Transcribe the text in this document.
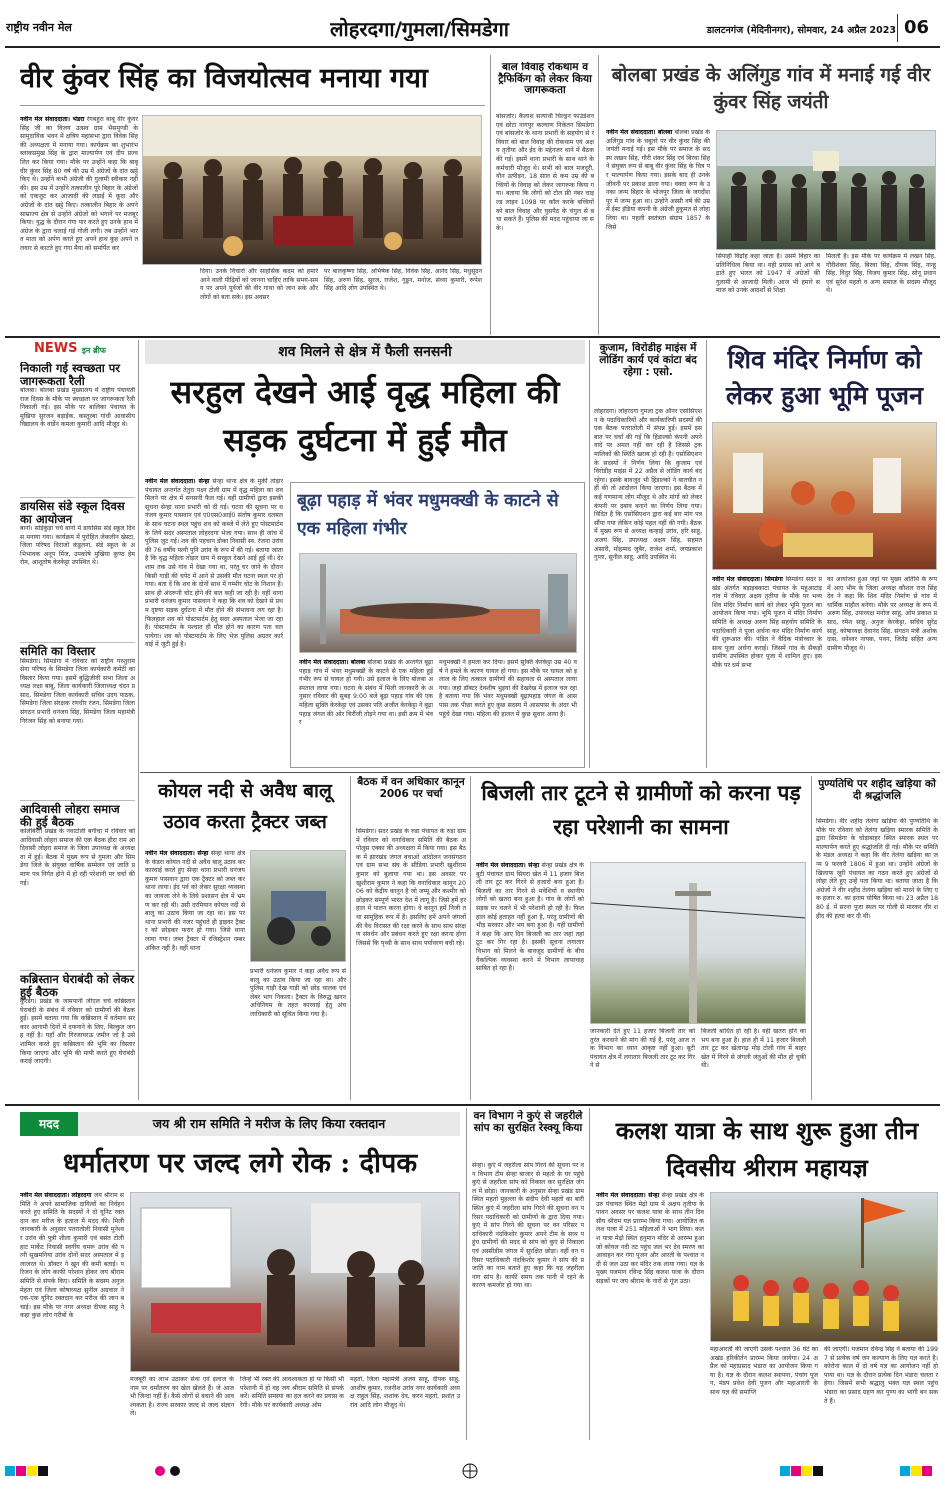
राष्ट्रीय नवीन मेल	लोहरदगा/गुमला/सिमडेगा	डालटनगंज (मेदिनीनगर), सोमवार, 24 अप्रैल 2023 06
वीर कुंवर सिंह का विजयोत्सव मनाया गया
नवीन मेल संवाददाता। भंडरा रंगबहुरा बाबू वीर कुंवर सिंह जी का विजय उत्सव ग्राम भैसमुण्डी के सामुदायिक भवन में क्षत्रिय महासभा द्वारा विवेक सिंह की अध्यक्षता में मनाया गया। कार्यक्रम का शुभारंभ ब्लाकप्रमुख सिंह के द्वारा माल्यार्पण एवं दीप प्रज्वलित कर किया गया। मौके पर उन्होंने कहा कि बाबू वीर कुंवर सिंह 80 वर्ष की उम्र में अंग्रेजों के दांत खट्टे किए थे। उन्होंने कभी अंग्रेजी की गुलामी स्वीकार नहीं की। इस उम्र में उन्होंने तत्कालीन पूरे बिहार के अंग्रेजों को एकजुट कर आजादी की लड़ाई में कूदा और अंग्रेजों के दांत खट्टे किए। तत्कालीन बिहार के अपने साम्राज्य क्षेत्र से उन्होंने अंग्रेजों को भगाने पर मजबूर किया। युद्ध के दौरान गंगा पार करते हुए उनके हाथ में अंग्रेज के द्वारा चलाई गई गोली लगी। तब उन्होंने भारत माता को अर्पण करते हुए अपने हाथ कुह अपने तलवार से काटते हुए गंगा मैया को समर्पित कर
दिया। उनके विचारों और साहसिक कदम को हमारे आने वाली पीढ़ियों को जानना चाहिए ताकि समय-समय पर अपने पूर्वजों की वीर गाथा को जान सके और लोगों को बता सके। इस अवसर
पर बालकृष्णा सिंह, अभिषेक सिंह, विवेक सिंह, आनंद सिंह, मधुसूदन सिंह, अरुण सिंह, सूरज, राजेश, गुड्डन, मनोज, संध्या कुमारी, रूपेश सिंह आदि लोग उपस्थित थे।
बाल विवाह रोकथाम व ट्रैफिकिंग को लेकर किया जागरूकता
बांसजोर। कैलाश सत्यार्थी चिल्ड्रन फाउंडेशन एवं छोटा नागपुर कल्याण निकेतन सिमडेगा एवं बांसजोर के थाना प्रभारी के सहयोग से रविवार को बाल विवाह की रोकथाम एवं अक्षय तृतीया और ईद के मद्देनजर थाने में बैठक की गई। इसमें थाना प्रभारी के साथ थाने के कर्मचारी मौजूद थे। सभी को बाल मजदूरी, यौन उत्पीड़न, 18 साल से कम उम्र की बच्चियों के विवाह को लेकर जागरूक किया गया। बताया कि लोगों को टोल फ्री नंबर चाइल्ड लाइन 1098 पर कॉल करके बच्चियों को बाल विवाह और घुसपैठ के चंगुल से बचा सकते हैं। पुलिस की मदद पहुंचाया जा सके।
बोलबा प्रखंड के अलिंगुड गांव में मनाई गई वीर कुंवर सिंह जयंती
नवीन मेल संवाददाता। बोलबा बोलबा प्रखंड के अलिंगुड गांव के चबूतरे पर वीर कुंवर सिंह की जयंती मनाई गई। इस मौके पर समाज के सदस्य लखन सिंह, गौरी शंकर सिंह एवं बिरवा सिंह ने संयुक्त रूप से बाबू वीर कुंवर सिंह के चित्र पर माल्यार्पण किया गया। इसके बाद ही उनके जीवनी पर प्रकाश डाला गया। वक्ता रूप के उनका जन्म बिहार के भोजपुर जिला के जगदीशपुर में जन्म हुआ था। उन्होंने अस्सी वर्ष की उम्र में ईस्ट इंडिया कंपनी के अंग्रेजी हुकूमत से लोहा लिया था। पहली स्वतंत्रता संग्राम 1857 के जिसे
सिपाही विद्रोह कहा जाता है। उसमें बिहार का प्रतिनिधित्व किया था। यही प्रयास को आगे बढ़ाते हुए भारत को 1947 में अंग्रेजों की गुलामी से आजादी मिली। आज भी हमारे समाज को उनके आदर्शों से शिक्षा
मिलती है। इस मौके पर कार्यक्रम में लखन सिंह, गौरीशंकर सिंह, बिरवा सिंह, दीपक सिंह, नान्हू सिंह, विदुर सिंह, विजय कुमार सिंह, सोनू प्रधान एवं सुरेश महतो व अन्य समाज के सदस्य मौजूद थे।
NEWS इन ब्रीफ
निकाली गई स्वच्छता पर जागरूकता रैली
बोलबा। बोलबा प्रखंड मुख्यालय में राष्ट्रीय पंचायती राज दिवस के मौके पर स्वच्छता पर जागरूकता रैली निकाली गई। इस मौके पर बालिका पंचायत के मुखिया सुरजन बड़ाईक, कस्तूरबा गांधी आवासीय विद्यालय के वार्डेन कमला कुमारी आदि मौजूद थे।
डायसिस संडे स्कूल दिवस का आयोजन
बानो। सोईकुंड़ा चर्च बानो में डायसिस संडे स्कूल दिवस मनाया गया। कार्यक्रम में पुरोहित जेकलीन खेस्टा, जिला परिषद विराजो कंडुलना, संडे स्कूल के अभिभावक अनूप मिंज, उपकोषे मुखिया कुण्ठ हेमरोम, आशूतोष केरकेट्टा उपस्थित थे।
समिति का विस्तार
सिमडेगा। सिमडेगा में रविवार को राष्ट्रीय परशुराम सेना परिषद के सिमडेगा जिला कार्यकारी कमेटी का विस्तार किया गया। इसमें बुद्धिजीवी सभा जिला अध्यक्ष लक्षा बाबू, जिला कार्यकारी जिलाध्यक्ष चंदन प्रसाद, सिमडेगा जिला कार्यकारी सचिव उदय पाठक, सिमडेगा जिला संरक्षक रणधीर रंजन, सिमडेगा जिला संगठन प्रभारी धनंजय सिंह, सिमडेगा जिला महामंत्री निरंजन सिंह को बनाया गया।
आदिवासी लोहरा समाज की हुई बैठक
कोलेबिरा। प्रखंड के नवाटोली बगीचा में रविवार को आदिवासी लोहरा समाज की एक बैठक हीरा राम आदिवासी लोहरा समाज के जिला उपाध्यक्ष के अध्यक्षता में हुई। बैठक में मुख्य रूप से गुमला और सिमडेगा जिले के संयुक्त वार्षिक सम्मेलन एवं जाति प्रमाण पत्र निर्गत होने में हो रही परेशानी पर चर्चा की गई।
कब्रिस्तान घेराबंदी को लेकर हुई बैठक
कुरडेग। प्रखंड के जामपानी जीएल चर्च कब्रिस्तान घेराबंदी के संबंध में रविवार को ग्रामीणों की बैठक हुई। इसमें बताया गया कि कब्रिस्तान में वर्तमान सरकार आगामी दिनों में दफनाने के लिए, बिल्कुल जगह नहीं है। यहाँ और गिरजाघरऊ जमीन जो है उसे शामिल करते हुए कब्रिस्तान की भूमि का विस्तार किया जाएगा और भूमि की मापी करते हुए घेराबंदी कराई जाएगी।
शव मिलने से क्षेत्र में फैली सनसनी
सरहुल देखने आई वृद्ध महिला की सड़क दुर्घटना में हुई मौत
नवीन मेल संवाददाता। सेन्हा सेन्हा थाना क्षेत्र के मुर्की तोड़ार पंचायत अन्तर्गत तेतुरा पक्ष्न टोली ग्राम में वृद्ध महिला का शव मिलने पर क्षेत्र में सनसनी फैल गई। वहीं ग्रामीणों द्वारा इसकी सूचना सेन्हा थाना प्रभारी को दी गई। घटना की सूचना पर धनंजय कुमार पासवान एवं ए0एस0आई0 संतोष कुमार दलबल के साथ घटना स्थल पहुंच शव को कब्जे में लेते हुए पोस्टमार्टम के लिये सदर अस्पताल लोहरदगा भेजा गया। साथ ही जांच में पुलिस जुट गई। शव की पहचान डोका निवासी स्व. रंजना उरांव की 76 वर्षीय पत्नी पुनि उरांव के रूप में की गई। बताया जाता है कि वृद्ध महिला तोड़ार ग्राम में सरहुल देखने आई हुई थी। देर शाम तक उसे गांव में देखा गया था, परंतु घर जाने के दौरान किसी गाड़ी की चपेट में आने से उसकी मौत घटना स्थल पर हो गया। बता दें कि शव के दोनों साथ में गम्भीर चोट के निशान हैं। साथ ही अंदरूनी चोट होने की बात कही जा रही है। वहीं थाना प्रभारी धनंजय कुमार पासवान ने कहा कि शव को देखने से प्रथम दृष्टया सड़क दुर्घटना में मौत होने की संभावना लग रहा है। फिलहाल शव को पोस्टमार्टम हेतु सदर अस्पताल भेजा जा रहा है। पोस्टमार्टम के पश्चात ही मौत होने का कारण पता चल पायेगा। शव को पोस्टमार्टम के लिए भेज पुलिस अग्रतर कार्रवाई में जुटी हुई है।
बूढ़ा पहाड़ में भंवर मधुमक्खी के काटने से एक महिला गंभीर
नवीन मेल संवाददाता। बोलबा बोलबा प्रखंड के अन्तर्गत बूढ़ा पहाड़ गांव में भंवर मधुमक्खी के काटने से एक महिला हुई गंभीर रूप से घायल हो गयी। उसे इलाज के लिए बोलबा अस्पताल लाया गया। घटना के संबंध में मिली जानकारी के अनुसार रविवार की सुबह 9:00 बजे बूढ़ा पहाड़ गांव की एक महिला सुक्ति केरकेट्टा एवं उसका पति अजीत केरकेट्टा ने बूढ़ा पहाड़ जंगल की ओर चिरौंजी तोड़ने गया था। इसी क्रम में भंवर
मधुमक्खी ने हमला कर दिया। इसमें सुक्ति केरकेट्टा उम्र 40 वर्ष ने हमले के कारण घायल हो गया। इस मौके पर घायल को इलाज के लिए तत्काल ग्रामीणों की सहायता से अस्पताल लाया गया। जहां डॉक्टर देवशीष भुइयां की देखरेख में इलाज चल रहा है बताया गया कि भंवर मधुमक्खी बूढ़ापहाड़ जंगल के आसपास तक पीछा करते हुए कुछ सदस्य में आसपास के अंदर भी पहुंचे देखा गया। महिला की हालत में कुछ सुधार आया है।
कुजाम, विरोडीह माइंस में लोडिंग कार्य एवं कांटा बंद रहेगा : एसो.
लोहरदगा। लोहरदगा गुमला ट्रक ऑनर एसोसिएशन के पदाधिकारियों और कार्यकारिणी सदस्यों की एक बैठक पतरातोली में संपन्न हुई। इसमें इस बात पर चर्चा की गई कि हिंडाल्को कंपनी अपने वादे पर अमल नहीं कर रही है जिससे ट्रक मालिकों की स्थिति खराब हो रही है। एसोसिएशन के सदस्यों ने निर्णय लिया कि कुजाम एवं विरोडीह माइंस में 22 अप्रैल से लोडिंग कार्य बंद रहेगा। इसके बावजूद भी हिंडाल्को ने बातचीत नहीं की तो आंदोलन किया जाएगा। इस बैठक में कई गणमान्य लोग मौजूद थे और मांगों को लेकर कंपनी पर दबाव बनाने का निर्णय लिया गया। विदित है कि एसोसिएशन द्वारा कई बार मांग पत्र सौंपा गया लेकिन कोई पहल नहीं की गयी। बैठक में मुख्य रूप से अध्यक्ष कन्हाई उरांव, हरि साहू, अजय सिंह, उपाध्यक्ष अक्षय सिंह, सहमत अंसारी, मोहम्मद जुबैर, राजेश शर्मा, जयप्रकाश गुप्ता, सुनील साहू, आदि उपस्थित थे।
शिव मंदिर निर्माण को लेकर हुआ भूमि पूजन
नवीन मेल संवाददाता। सिमडेगा सिमडेगा सदर प्रखंड अंतर्गत बड़ाइबकाटा पंचायत के महुआटांड़ गांव में रविवार अक्षय तृतीया के मौके पर भव्य शिव मंदिर निर्माण कार्य को लेकर भूमि पूजन का आयोजन किया गया। भूमि पूजन में मंदिर निर्माण समिति के अध्यक्ष अरुण सिंह सहयोग समिति के पदाधिकारी ने पूजा अर्चना कर मंदिर निर्माण कार्य की शुरूआत की। पंडित ने वैदिक मंत्रोच्चार के साथ पूजा अर्चना कराई। जिसमें गांव के सैकड़ों ग्रामीण उपस्थित होकर पूजा में शामिल हुए। इस मौके पर धर्म सभा
का आयोजन हुआ जहां पर मुख्य अतिथि के रूप में आए भीम के जिला अध्यक्ष कौशल राज सिंह देव ने कहा कि शिव मंदिर निर्माण से गांव में धार्मिक माहौल बनेगा। मौके पर अध्यक्ष के रूप में अरुण सिंह, उपाध्यक्ष मनोज साहू, ओम प्रकाश प्रसाद, रमेश साहू, अनुज केरकेट्टा, सचिव सुरेंद्र साहू, कोषाध्यक्ष देवानंद सिंह, संगठन मंत्री अशोक दास, धनेश्वर नायक, पवन, जितेंद्र सहित अन्य ग्रामीण मौजूद थे।
कोयल नदी से अवैध बालू उठाव करता ट्रैक्टर जब्त
नवीन मेल संवाददाता। सेन्हा सेन्हा थाना क्षेत्र के कंडरा कोयल नदी से अवैध बालू उठाव कर कारवाई करते हुए सेन्हा थाना प्रभारी धनंजय कुमार पासवान द्वारा एक ट्रैक्टर को जब्त कर थाना लाया। ईद पर्व को लेकर सुरक्षा व्यवस्था का जायजा लेने के लिये प्रशासन क्षेत्र में भ्रमण कर रही थी। उसी दरमियान कोयल नदी से बालू का उठाव किया जा रहा था। इस पर थाना प्रभारी की नजर पहुंचते ही ड्राइवर ट्रैक्टर को छोड़कर फरार हो गया। जिसे थाना लाया गया। जब्त ट्रैक्टर में रजिस्ट्रेशन नम्बर अंकित नहीं है। वहीं थाना
प्रभारी धनंजय कुमार ने कहा अवैध रूप से बालू का उठाव किया जा रहा था। और पुलिस गाड़ी देख गाड़ी को छोड़ चालक एवं लेबर भाग निकला। ट्रैक्टर के विरुद्ध खनन अधिनियम के तहत कारवाई हेतु अंचलाधिकारी को सूचित किया गया है।
बैठक में वन अधिकार कानून 2006 पर चर्चा
सिमडेगा। सदर प्रखंड के रुडा पंचायत के रुडा ग्राम में रविवार को वनाधिकार समिति की बैठक अपोलुस एक्का की अध्यक्षता में किया गया। इस बैठक में झारखंड जंगल बचाओ आंदोलन जनसंगठन एवं ग्राम सभा संघ के सीडिया प्रभारी खुशीराम कुमार को बुलाया गया था। इस अवसर पर खुशीराम कुमार ने कहा कि वनाधिकार कानून 2006 को केंद्रीय कानून है जो जम्मू और कश्मीर को छोड़कर सम्पूर्ण भारत देश में लागू है। जिसे हमें हर हाल में पालन करना होगा। वे कानून हमें निजी तथा सामूहिक रूप में है। इसलिए हमें अपने जंगलों की वैध विरासत की रक्षा करने के साथ साथ संरक्षण संवर्धन और प्रबंधन करते हुए रक्षा करना होगा जिससे कि पृथ्वी के साथ साथ पर्यावरण बची रहे।
बिजली तार टूटने से ग्रामीणों को करना पड़ रहा परेशानी का सामना
नवीन मेल संवाददाता। सेन्हा सेन्हा प्रखंड क्षेत्र के बुटी पंचायत ग्राम सियरा खेत में 11 हजार बिजली तार टूट कर गिरने से हजारों बना हुआ है। बिजली का तार गिरने से मवेशियों व स्थानीय लोगों को खतरा बना हुआ है। गांव के लोगों को सड़क पर चलने में भी परेशानी हो रही है। फिलहाल कोई हताहत नहीं हुआ है, परंतु ग्रामीणों की भीड़ सरकार और भय बना हुआ है। यहीं ग्रामीणों ने कहा कि आए दिन बिजली का तार जहां तहां टूट कर गिर रहा है। इसकी सूचना लगातार विभाग को मिलने के बावजूद ग्रामीणों के बीच वैकल्पिक व्यवस्था करने में विभाग लापरवाह साबित हो रहा है।
जानकारी देते हुए 11 हजार बिजली तार को तुरंत करवाने की मांग की गई है, परंतु आज तक विभाग का ध्यान आकृष्ट नहीं हुआ। बूटी पंचायत क्षेत्र में लगातार बिजली तार टूट कर गिरने से
बिजली बाधित हो रही है। वहीं खतरा होने का भय बना हुआ है। हाल ही में 11 हजार बिजली तार टूट कर खेतागढ़ मोड़ टोली गांव में बाहर खेत में गिरने से जंगली जंतुओं की मौत हो चुकी थी।
पुण्यतिथि पर शहीद खड़िया को दी श्रद्धांजलि
सिमडेगा। वीर शहीद तेलंगा खड़िया की पुण्यतिथि के मौके पर रविवार को तेलंगा खड़िया स्मारक समिति के द्वारा सिमडेगा के घोड़ाबाहर स्थित स्मारक स्थल पर माल्यार्पण करते हुए श्रद्धांजलि दी गई। मौके पर समिति के मंडल अध्यक्ष ने कहा कि वीर तेलंगा खड़िया का जन्म 9 फरवरी 1806 में हुआ था। उन्होंने अंग्रेजों के खिलाफ जूरी पंचायत का गठन करते हुए अंग्रेजों से लोहा लेते हुए उन्हें पता किया था। बताया जाता है कि अंग्रेजों ने वीर शहीद तेलंगा खड़िया को मारने के लिए एक हजार रु. का इनाम घोषित किया था। 23 अप्रैल 1880 ई. में सरना पूजा स्थल पर गोली से मारकर वीर शहीद की हत्या कर दी थी।
मदद	जय श्री राम समिति ने मरीज के लिए किया रक्तदान
धर्मातरण पर जल्द लगे रोक : दीपक
नवीन मेल संवाददाता। लोहरदगा जय श्रीराम समिति ने अपने सामाजिक दायित्वों का निर्वहन करते हुए समिति के सदस्यों ने दो यूनिट रक्तदान कर मरीज के इलाज में मदद की। मिली जानकारी के अनुसार पतरातोली निवासी मुनेश्वर उरांव की पुत्री शीला कुमारी एवं बसंत टोली हाट मार्केट निवासी स्वर्गीय चमरू उरांव की पत्नी सुखमनिया उरांव दोनों सदर अस्पताल में इलाजरत थे। डॉक्टर ने खून की कमी बताई। परिजन के लोग काफी परेशान होकर जय श्रीराम समिति से संपर्क किए। समिति के सदस्य अनुज मेहता एवं जिला कोषाध्यक्ष सुनील अग्रवाल ने एक-एक यूनिट रक्तदान कर मरीज की जान बचाई। इस मौके पर नगर अध्यक्ष दीपक साहू ने कहा कुछ लोग गरीबों के
मजबूरी का लाभ उठाकर सेवा एवं इलाज के नाम पर धर्मांतरण का खेल खेलते हैं। जे आज भी जिन्दा नहीं हैं। कैसे लोगों से बचाने की आवश्यकता है। राज्य सरकार जल्द से जल्द संज्ञान ले।
जिन्हें भी रक्त की आवश्यकता हो या किसी भी परेशानी में हो वह जय श्रीराम समिति से संपर्क करें। समिति समस्या का हल करने का प्रयास करेगी। मौके पर कार्यकारी अध्यक्ष ओम
महतो, जिला महामंत्री अजय साहू, दीपक साहू, आशीष कुमार, रजनीश उरांव नगर कार्यकारी अध्यक्ष राहुल सिंह, शशांक देव, करन महतो, प्रशांत उरांव आदि लोग मौजूद थे।
वन विभाग ने कुएं से जहरीले सांप का सुरक्षित रेस्क्यू किया
सेन्हा। कुएं में जहरीला सांप गिरने की सूचना पर वन विभाग टीम सेन्हा बाजार से महतो के घर पहुंचे कुएं से जहरीला सांप को निकाल कर सुरक्षित जंगल में छोड़ा। जानकारी के अनुसार सेन्हा प्रखंड ग्राम स्थित महतो मुहल्ला के संदीप देवी महतो का बारी स्थित कुएं में जहरीला सांप गिरने की सूचना वन परिसर पदाधिकारी को ग्रामीणों के द्वारा दिया गया। कुएं में सांप गिरने की सूचना पर वन परिसर पदाधिकारी नंदकिशोर कुमार अपने टीम के साथ पहुंच ग्रामीणों की मदद से सांप को कुएं से निकाला एवं अस्सीडीम जंगल में सुरक्षित छोड़ा। वहीं वन परिसर पदाधिकारी नंदकिशोर कुमार ने सांप की प्रजाति का नाम बताते हुए कहा कि यह जहरीला नाग सांप है। काफी समय तक पानी में रहने के कारण कमजोर हो गया था।
कलश यात्रा के साथ शुरू हुआ तीन दिवसीय श्रीराम महायज्ञ
नवीन मेल संवाददाता। सेन्हा सेन्हा प्रखंड क्षेत्र के उरु पंचायत स्थित मेढ़ो ग्राम में अक्षय तृतीया के पावन अवसर पर कलश यात्रा के साथ तीन दिवसीय श्रीराम यज्ञ प्रारम्भ किया गया। आयोजित कलश यात्रा में 251 महिलाओं ने भाग लिया। कलश यात्रा मेढ़ो स्थित हनुमान मंदिर से आरम्भ हुआ जो कोयल नदी तट पहुंच जल भर देव स्मरण का आवाहन कर गंगा पूजन और आरती के पश्चात नदी से जल उठा कर मंदिर तक लाया गया। यज्ञ के मुख्य यजमान रविन्द्र सिंह कलश यात्रा के दौरान सड़कों पर जय श्रीराम के नारों से गूंज उठा।
महाआरती की जाएगी उसके पश्चात 36 घंटे का अखंड हरिकीर्तन प्रारम्भ किया जायेगा। 24 अप्रैल को महाप्रसाद भंडारा का आयोजन किया गया है। यज्ञ के दौरान कलश स्थापना, पंचांग पूजन, मंडप प्रवेश देवी पूजन और महाआरती के साथ यज्ञ की समाप्ति
की जाएगी। यजमान रविन्द्र सिंह ने बताया की 1997 से प्रत्येक वर्ष जन कल्याण के लिए यज्ञ करते है। कोरोना काल में दो वर्ष यज्ञ का आयोजन नहीं हो पाया था। यज्ञ के दौरान प्रत्येक दिन भंडारा चलता रहेगा। जिसमें सभी श्रद्धालु भक्त यज्ञ स्थल पहुंच भंडारा का प्रसाद ग्रहण कर पुण्य का भागी बन सकते हैं।
